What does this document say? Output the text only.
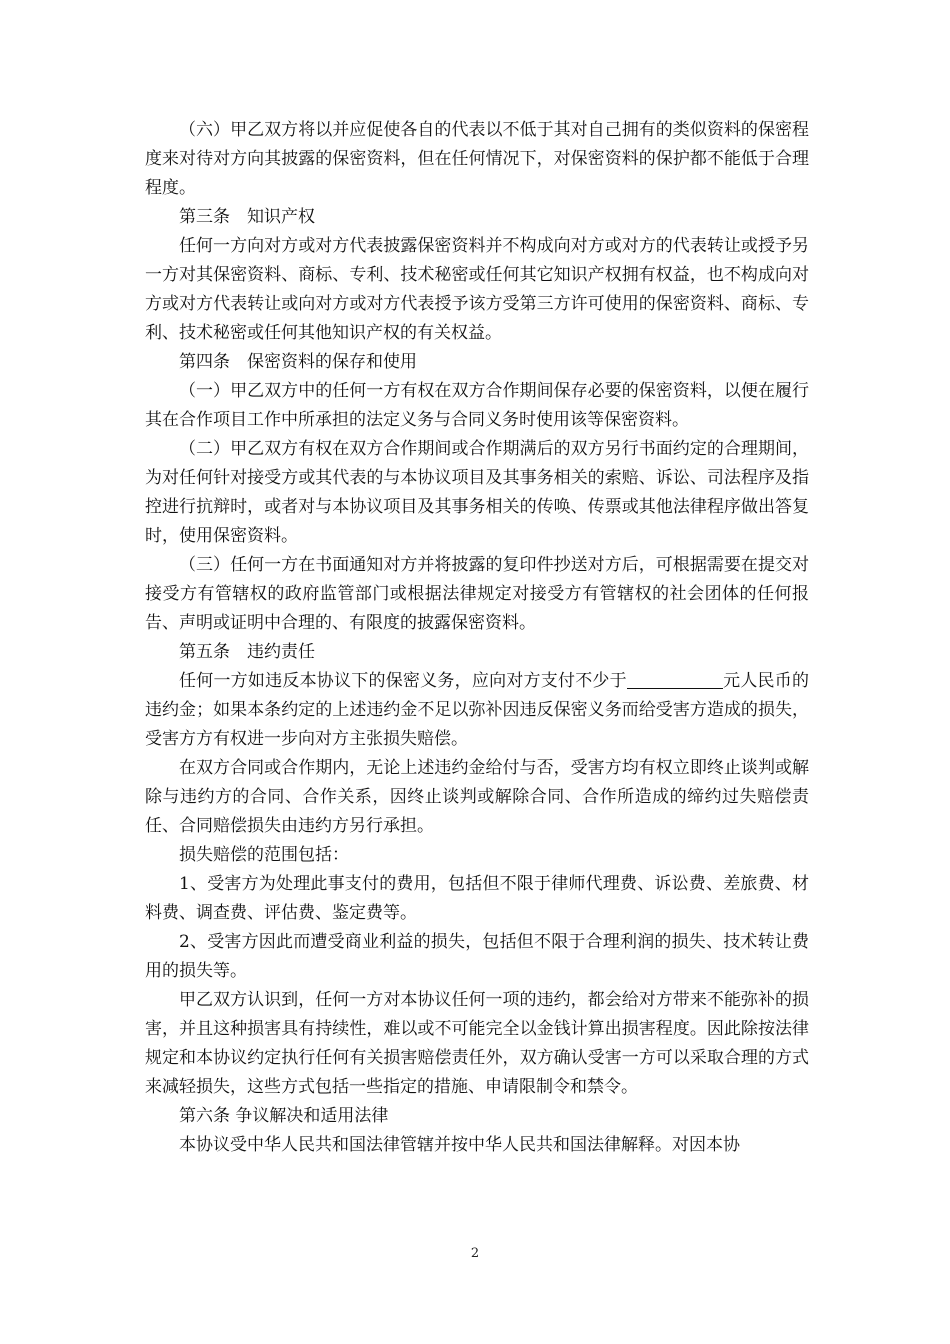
（六）甲乙双方将以并应促使各自的代表以不低于其对自己拥有的类似资料的保密程度来对待对方向其披露的保密资料，但在任何情况下，对保密资料的保护都不能低于合理程度。

第三条　知识产权

任何一方向对方或对方代表披露保密资料并不构成向对方或对方的代表转让或授予另一方对其保密资料、商标、专利、技术秘密或任何其它知识产权拥有权益，也不构成向对方或对方代表转让或向对方或对方代表授予该方受第三方许可使用的保密资料、商标、专利、技术秘密或任何其他知识产权的有关权益。

第四条　保密资料的保存和使用

（一）甲乙双方中的任何一方有权在双方合作期间保存必要的保密资料，以便在履行其在合作项目工作中所承担的法定义务与合同义务时使用该等保密资料。

（二）甲乙双方有权在双方合作期间或合作期满后的双方另行书面约定的合理期间，为对任何针对接受方或其代表的与本协议项目及其事务相关的索赔、诉讼、司法程序及指控进行抗辩时，或者对与本协议项目及其事务相关的传唤、传票或其他法律程序做出答复时，使用保密资料。

（三）任何一方在书面通知对方并将披露的复印件抄送对方后，可根据需要在提交对接受方有管辖权的政府监管部门或根据法律规定对接受方有管辖权的社会团体的任何报告、声明或证明中合理的、有限度的披露保密资料。

第五条　违约责任

任何一方如违反本协议下的保密义务，应向对方支付不少于	元人民币的违约金；如果本条约定的上述违约金不足以弥补因违反保密义务而给受害方造成的损失，受害方方有权进一步向对方主张损失赔偿。

在双方合同或合作期内，无论上述违约金给付与否，受害方均有权立即终止谈判或解除与违约方的合同、合作关系，因终止谈判或解除合同、合作所造成的缔约过失赔偿责任、合同赔偿损失由违约方另行承担。

损失赔偿的范围包括：

1、受害方为处理此事支付的费用，包括但不限于律师代理费、诉讼费、差旅费、材料费、调查费、评估费、鉴定费等。

2、受害方因此而遭受商业利益的损失，包括但不限于合理利润的损失、技术转让费用的损失等。

甲乙双方认识到，任何一方对本协议任何一项的违约，都会给对方带来不能弥补的损害，并且这种损害具有持续性，难以或不可能完全以金钱计算出损害程度。因此除按法律规定和本协议约定执行任何有关损害赔偿责任外，双方确认受害一方可以采取合理的方式来减轻损失，这些方式包括一些指定的措施、申请限制令和禁令。

第六条 争议解决和适用法律

本协议受中华人民共和国法律管辖并按中华人民共和国法律解释。对因本协

2
